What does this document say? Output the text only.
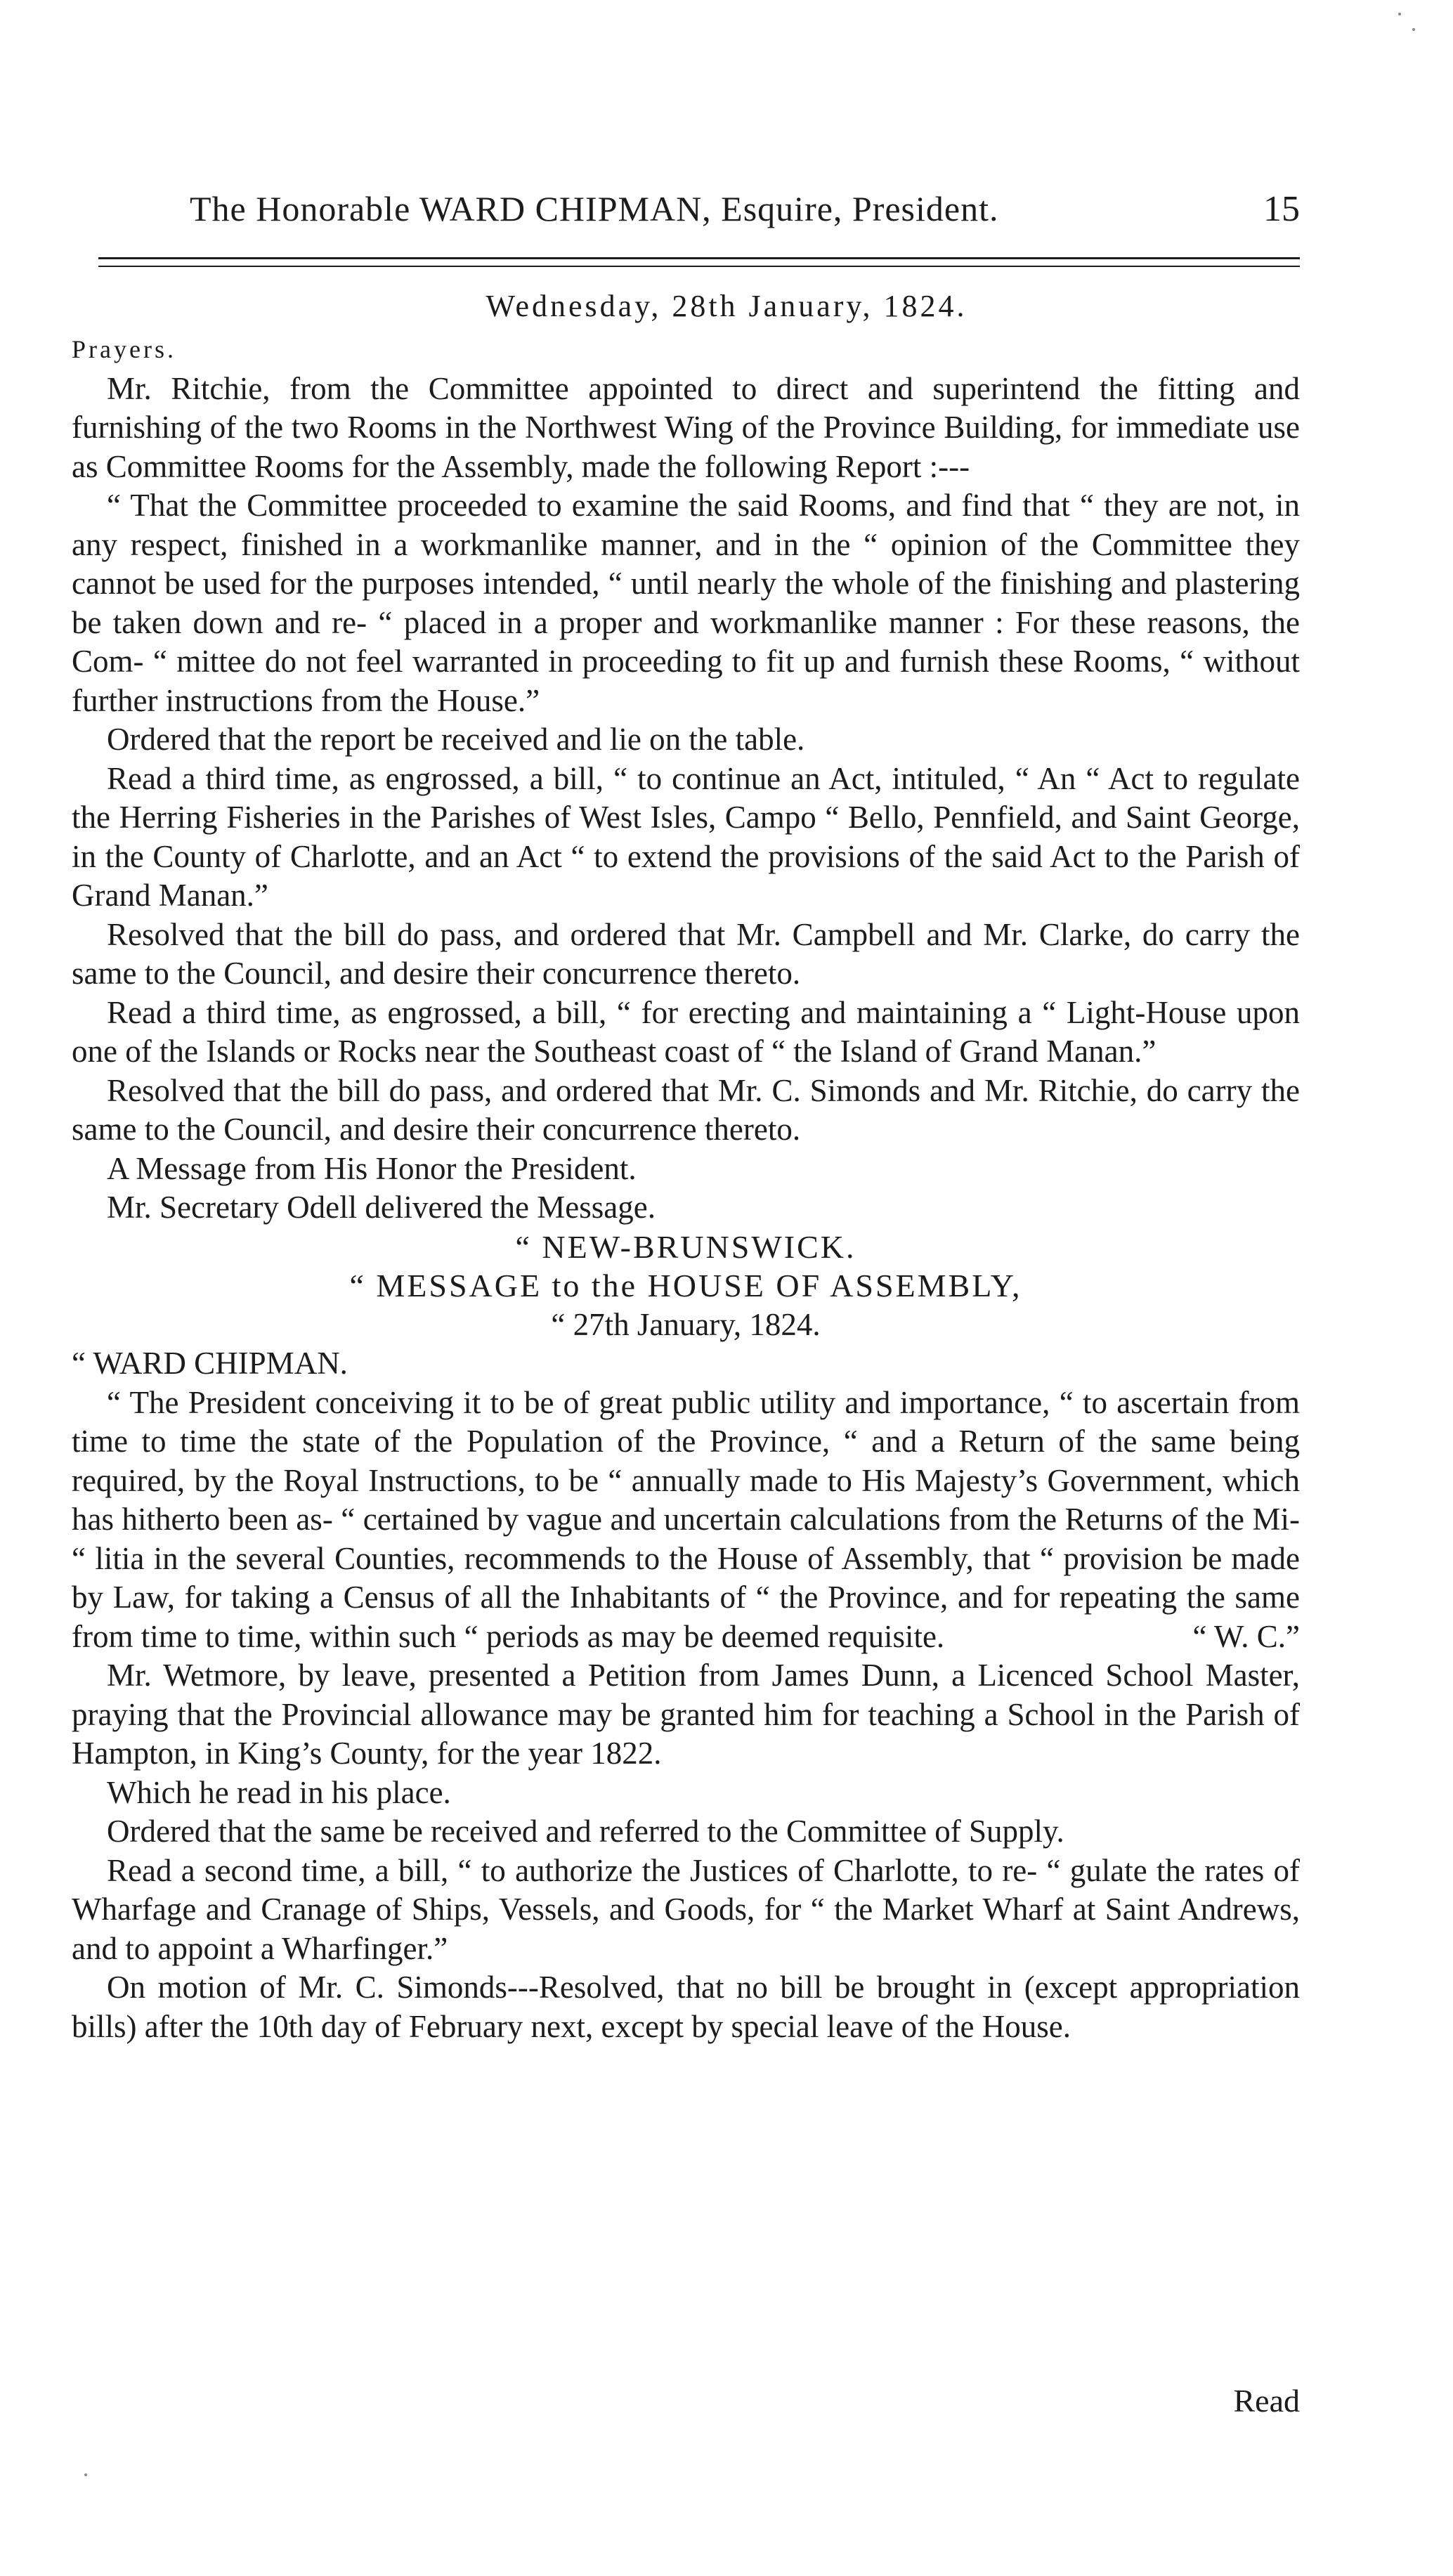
The Honorable WARD CHIPMAN, Esquire, President.	15
Wednesday, 28th January, 1824.

Prayers.

Mr. Ritchie, from the Committee appointed to direct and superintend the fitting and furnishing of the two Rooms in the Northwest Wing of the Province Building, for immediate use as Committee Rooms for the Assembly, made the following Report :---

“ That the Committee proceeded to examine the said Rooms, and find that “ they are not, in any respect, finished in a workmanlike manner, and in the “ opinion of the Committee they cannot be used for the purposes intended, “ until nearly the whole of the finishing and plastering be taken down and re- “ placed in a proper and workmanlike manner : For these reasons, the Com- “ mittee do not feel warranted in proceeding to fit up and furnish these Rooms, “ without further instructions from the House.”

Ordered that the report be received and lie on the table.

Read a third time, as engrossed, a bill, “ to continue an Act, intituled, “ An “ Act to regulate the Herring Fisheries in the Parishes of West Isles, Campo “ Bello, Pennfield, and Saint George, in the County of Charlotte, and an Act “ to extend the provisions of the said Act to the Parish of Grand Manan.”

Resolved that the bill do pass, and ordered that Mr. Campbell and Mr. Clarke, do carry the same to the Council, and desire their concurrence thereto.

Read a third time, as engrossed, a bill, “ for erecting and maintaining a “ Light-House upon one of the Islands or Rocks near the Southeast coast of “ the Island of Grand Manan.”

Resolved that the bill do pass, and ordered that Mr. C. Simonds and Mr. Ritchie, do carry the same to the Council, and desire their concurrence thereto.

A Message from His Honor the President.

Mr. Secretary Odell delivered the Message.

“ NEW-BRUNSWICK.

“ MESSAGE to the HOUSE OF ASSEMBLY,

“ 27th January, 1824.

“ WARD CHIPMAN.

“ The President conceiving it to be of great public utility and importance, “ to ascertain from time to time the state of the Population of the Province, “ and a Return of the same being required, by the Royal Instructions, to be “ annually made to His Majesty’s Government, which has hitherto been as- “ certained by vague and uncertain calculations from the Returns of the Mi- “ litia in the several Counties, recommends to the House of Assembly, that “ provision be made by Law, for taking a Census of all the Inhabitants of “ the Province, and for repeating the same from time to time, within such “ periods as may be deemed requisite.	“ W. C.”

Mr. Wetmore, by leave, presented a Petition from James Dunn, a Licenced School Master, praying that the Provincial allowance may be granted him for teaching a School in the Parish of Hampton, in King’s County, for the year 1822.

Which he read in his place.

Ordered that the same be received and referred to the Committee of Supply.

Read a second time, a bill, “ to authorize the Justices of Charlotte, to re- “ gulate the rates of Wharfage and Cranage of Ships, Vessels, and Goods, for “ the Market Wharf at Saint Andrews, and to appoint a Wharfinger.”

On motion of Mr. C. Simonds---Resolved, that no bill be brought in (except appropriation bills) after the 10th day of February next, except by special leave of the House.

Read
